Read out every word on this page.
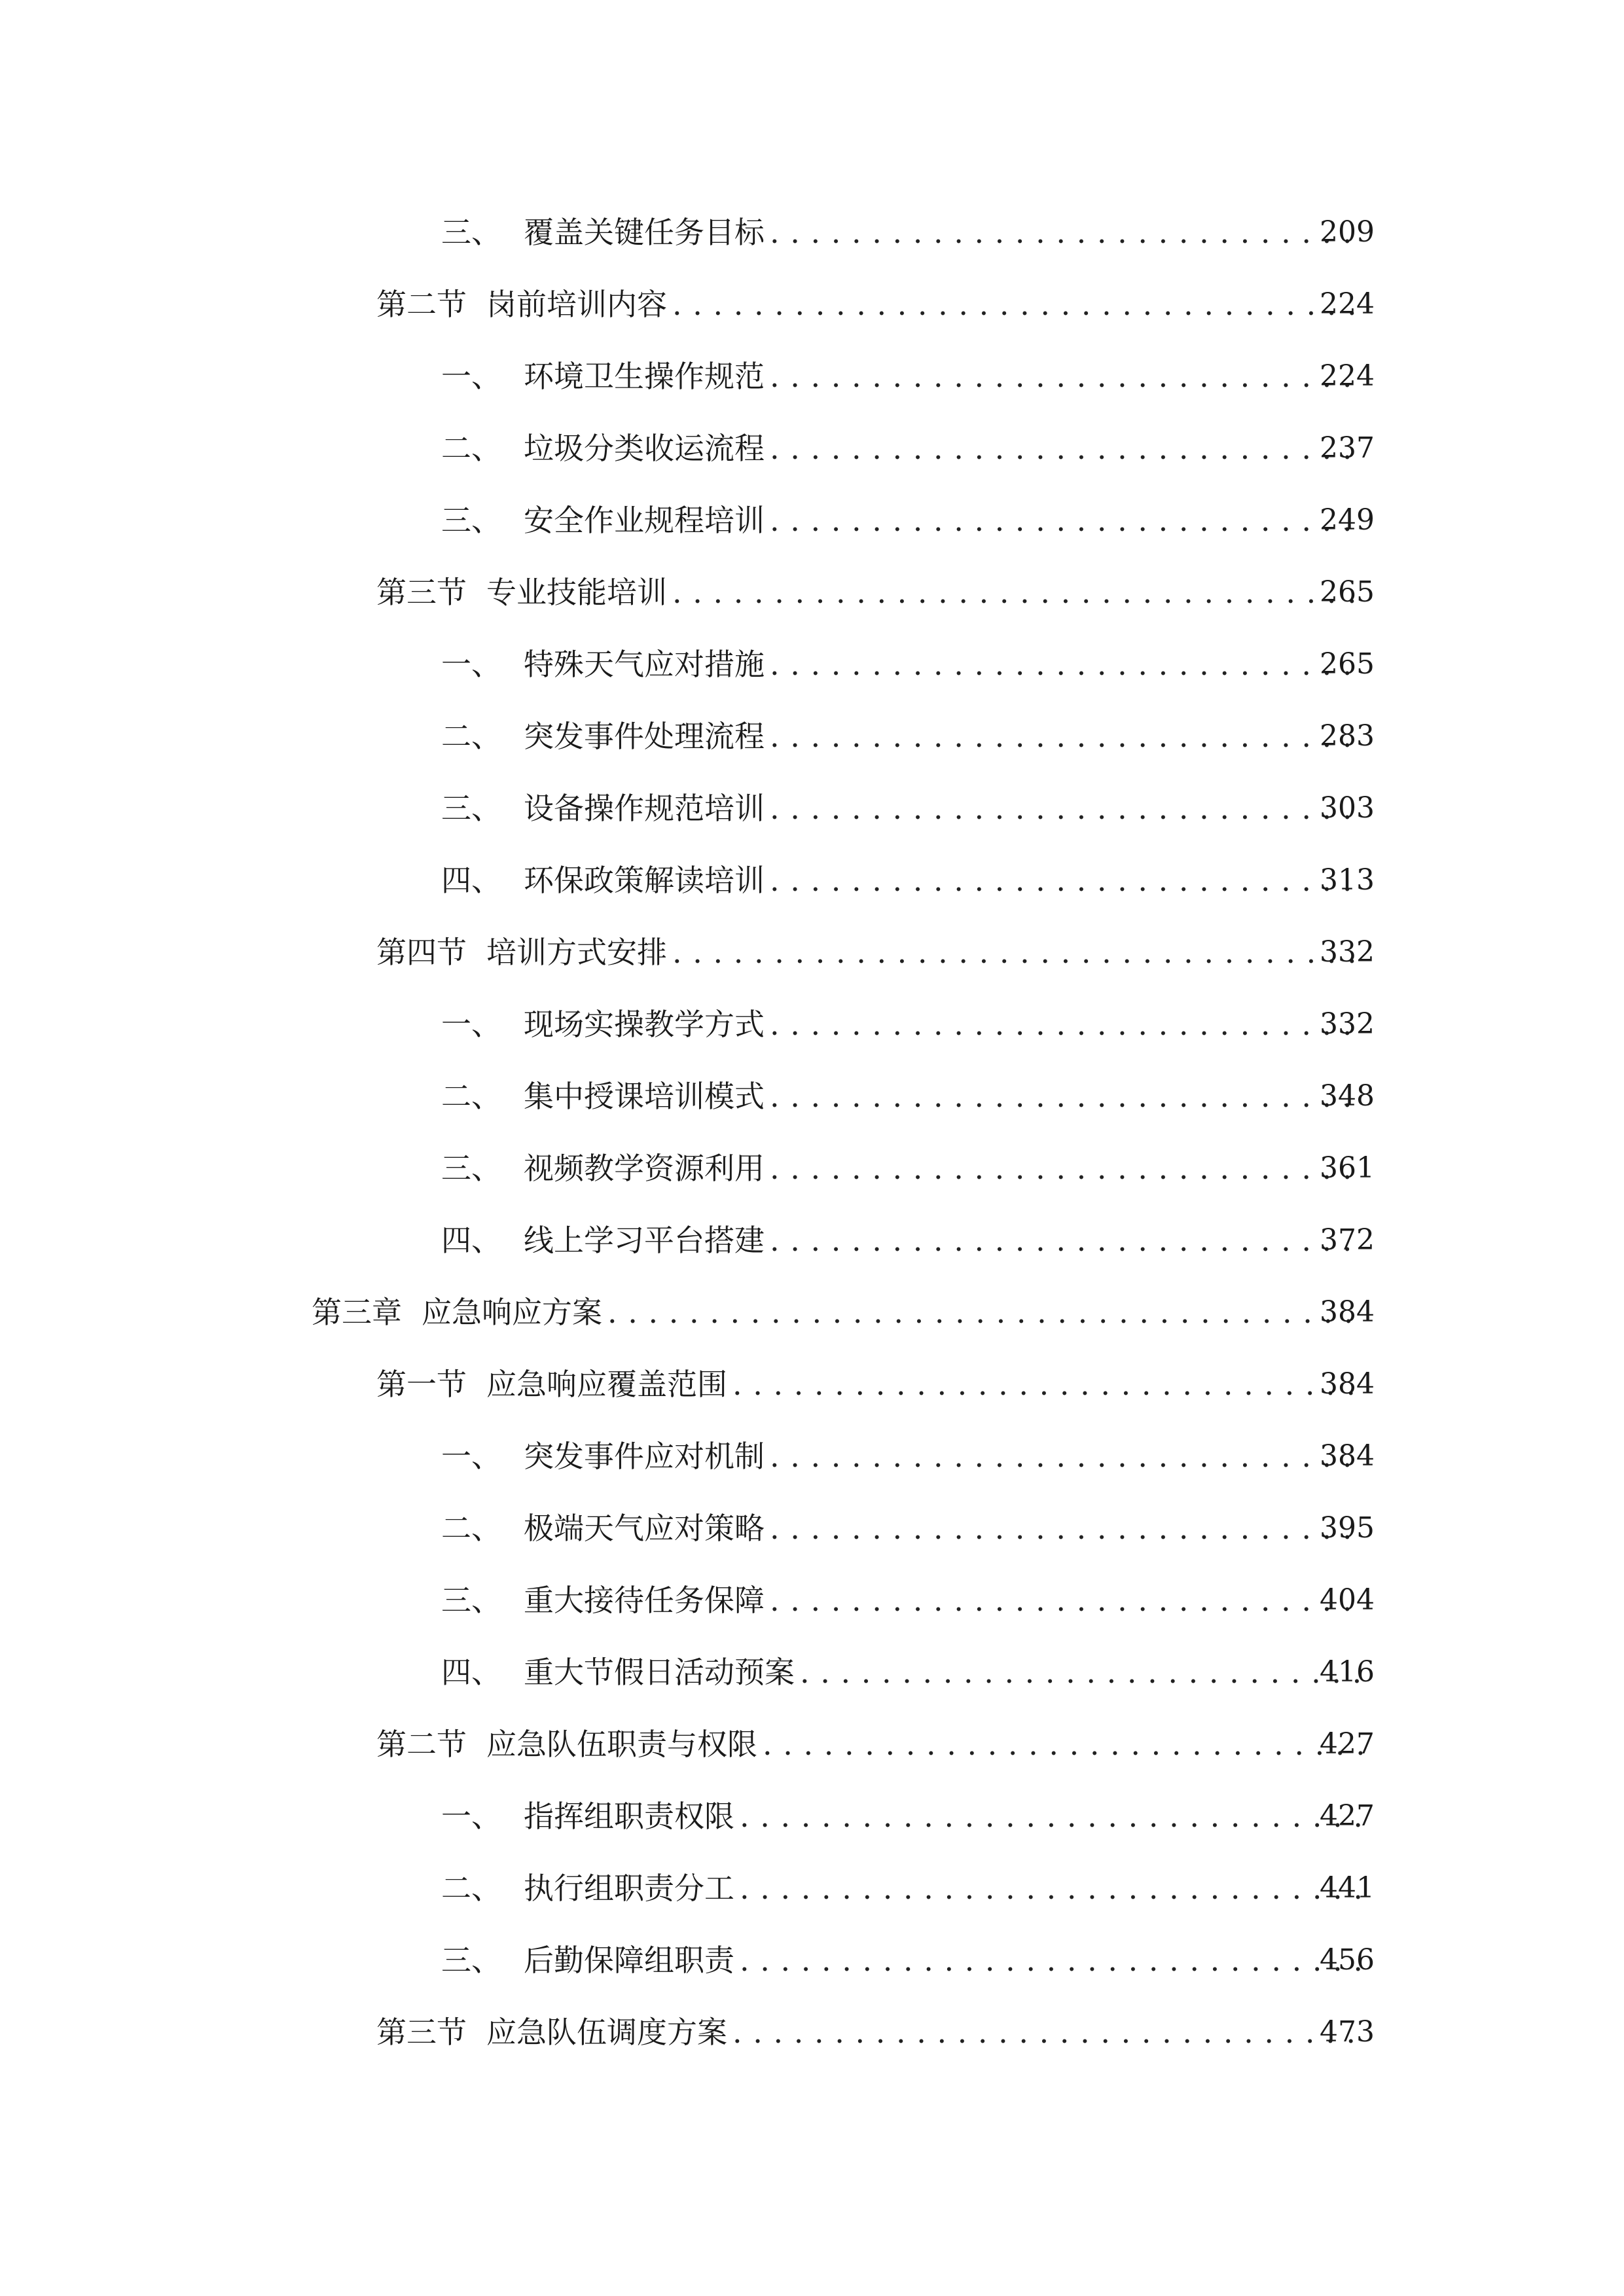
三、 覆盖关键任务目标 . . .	209
第二节 岗前培训内容 . . .	224
一、 环境卫生操作规范 . . .	224
二、 垃圾分类收运流程 . . .	237
三、 安全作业规程培训 . . .	249
第三节 专业技能培训 . . .	265
一、 特殊天气应对措施 . . .	265
二、 突发事件处理流程 . . .	283
三、 设备操作规范培训 . . .	303
四、 环保政策解读培训 . . .	313
第四节 培训方式安排 . . .	332
一、 现场实操教学方式 . . .	332
二、 集中授课培训模式 . . .	348
三、 视频教学资源利用 . . .	361
四、 线上学习平台搭建 . . .	372
第三章 应急响应方案 . . .	384
第一节 应急响应覆盖范围 . . .	384
一、 突发事件应对机制 . . .	384
二、 极端天气应对策略 . . .	395
三、 重大接待任务保障 . . .	404
四、 重大节假日活动预案 . . .	416
第二节 应急队伍职责与权限 . . .	427
一、 指挥组职责权限 . . .	427
二、 执行组职责分工 . . .	441
三、 后勤保障组职责 . . .	456
第三节 应急队伍调度方案 . . .	473
